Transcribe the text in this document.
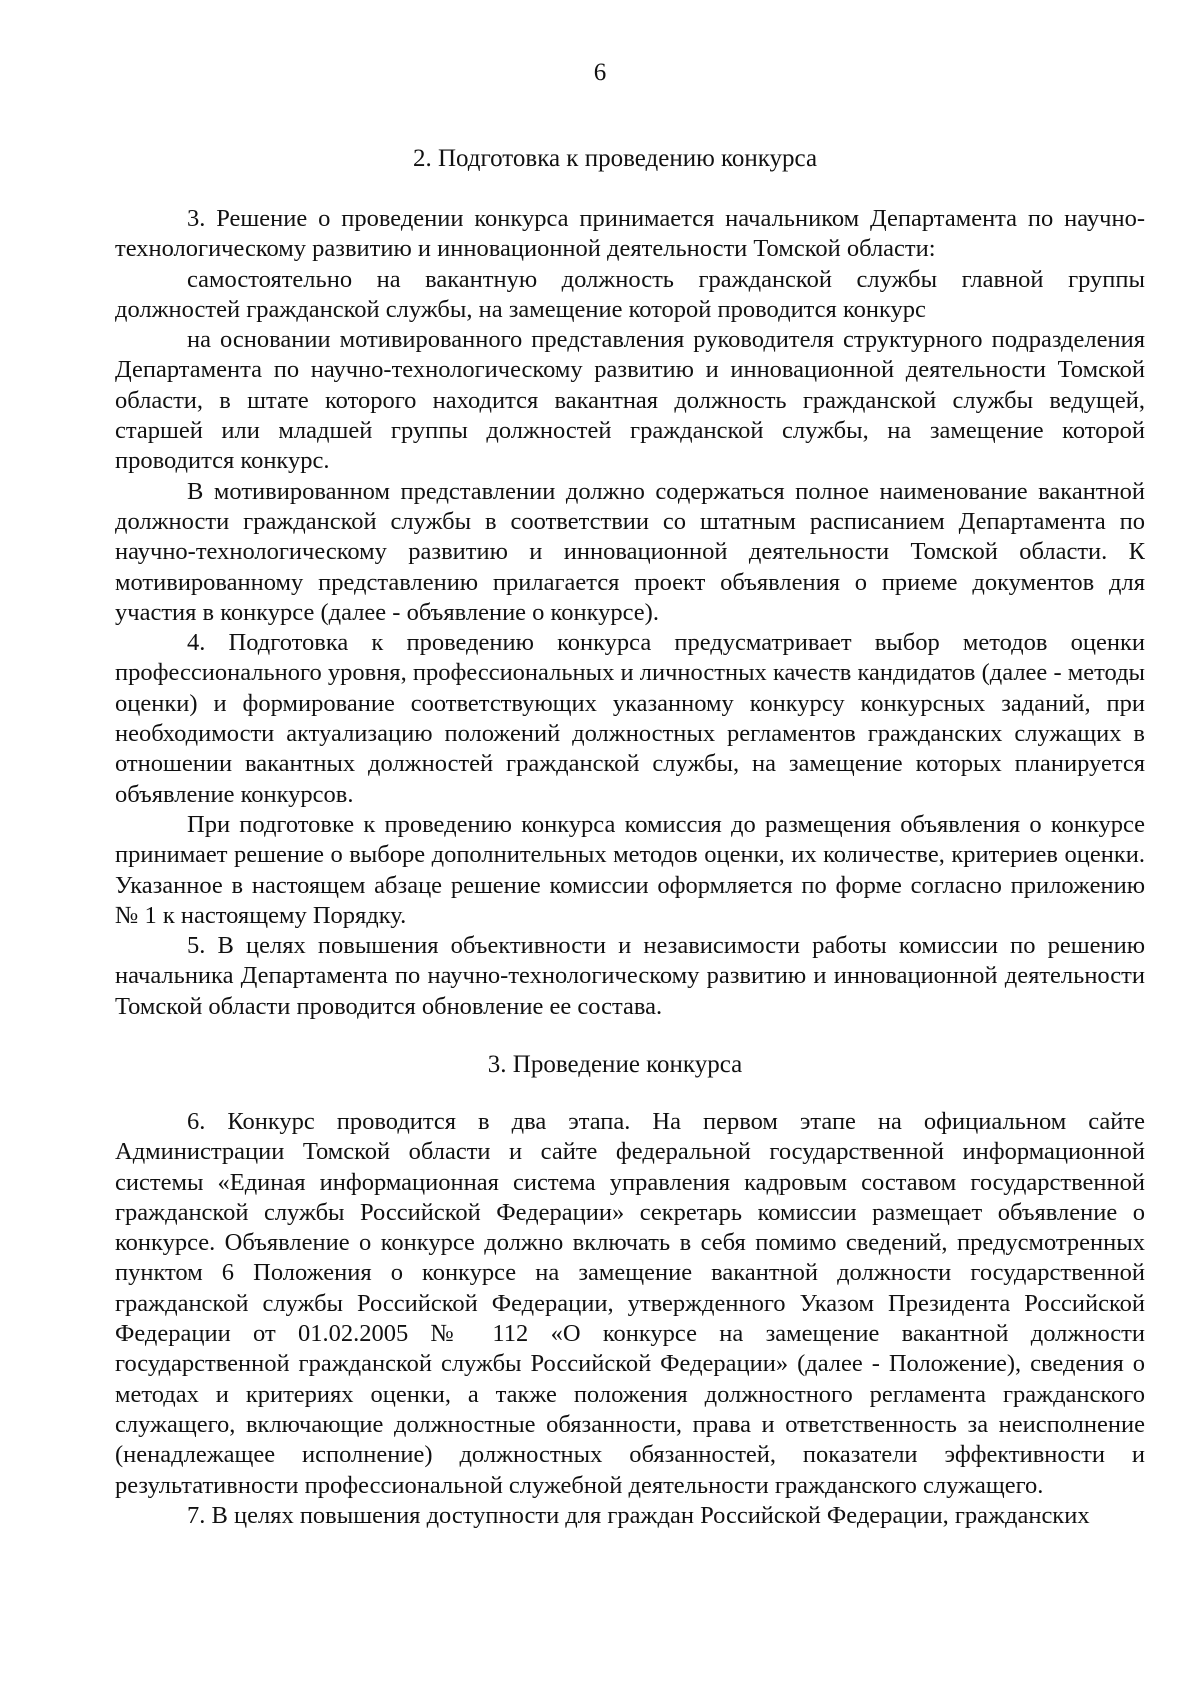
6
2. Подготовка к проведению конкурса

3. Решение о проведении конкурса принимается начальником Департамента по научно-технологическому развитию и инновационной деятельности Томской области:

самостоятельно на вакантную должность гражданской службы главной группы должностей гражданской службы, на замещение которой проводится конкурс

на основании мотивированного представления руководителя структурного подразделения Департамента по научно-технологическому развитию и инновационной деятельности Томской области, в штате которого находится вакантная должность гражданской службы ведущей, старшей или младшей группы должностей гражданской службы, на замещение которой проводится конкурс.

В мотивированном представлении должно содержаться полное наименование вакантной должности гражданской службы в соответствии со штатным расписанием Департамента по научно-технологическому развитию и инновационной деятельности Томской области. К мотивированному представлению прилагается проект объявления о приеме документов для участия в конкурсе (далее - объявление о конкурсе).

4. Подготовка к проведению конкурса предусматривает выбор методов оценки профессионального уровня, профессиональных и личностных качеств кандидатов (далее - методы оценки) и формирование соответствующих указанному конкурсу конкурсных заданий, при необходимости актуализацию положений должностных регламентов гражданских служащих в отношении вакантных должностей гражданской службы, на замещение которых планируется объявление конкурсов.

При подготовке к проведению конкурса комиссия до размещения объявления о конкурсе принимает решение о выборе дополнительных методов оценки, их количестве, критериев оценки. Указанное в настоящем абзаце решение комиссии оформляется по форме согласно приложению № 1 к настоящему Порядку.

5. В целях повышения объективности и независимости работы комиссии по решению начальника Департамента по научно-технологическому развитию и инновационной деятельности Томской области проводится обновление ее состава.

3. Проведение конкурса

6. Конкурс проводится в два этапа. На первом этапе на официальном сайте Администрации Томской области и сайте федеральной государственной информационной системы «Единая информационная система управления кадровым составом государственной гражданской службы Российской Федерации» секретарь комиссии размещает объявление о конкурсе. Объявление о конкурсе должно включать в себя помимо сведений, предусмотренных пунктом 6 Положения о конкурсе на замещение вакантной должности государственной гражданской службы Российской Федерации, утвержденного Указом Президента Российской Федерации от 01.02.2005 № 112 «О конкурсе на замещение вакантной должности государственной гражданской службы Российской Федерации» (далее - Положение), сведения о методах и критериях оценки, а также положения должностного регламента гражданского служащего, включающие должностные обязанности, права и ответственность за неисполнение (ненадлежащее исполнение) должностных обязанностей, показатели эффективности и результативности профессиональной служебной деятельности гражданского служащего.

7. В целях повышения доступности для граждан Российской Федерации, гражданских
